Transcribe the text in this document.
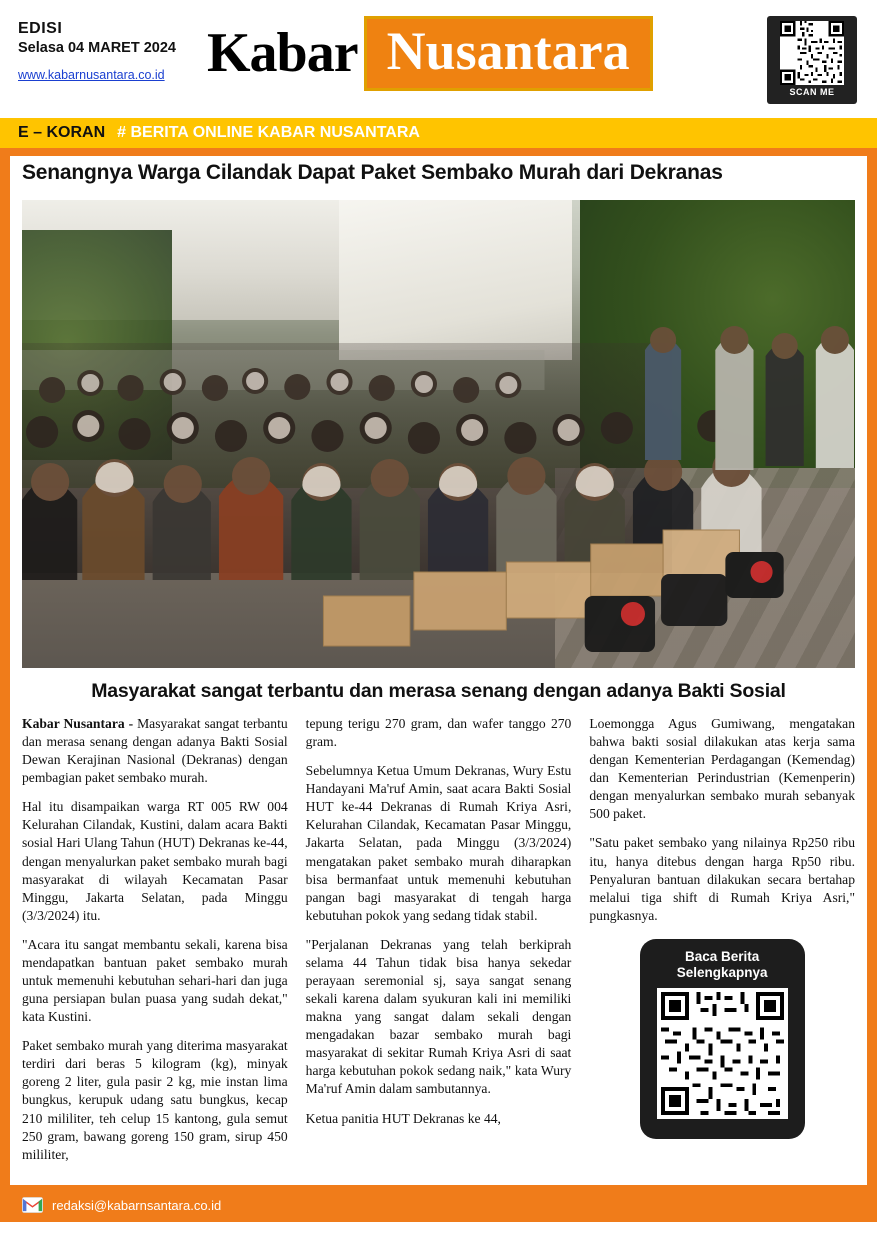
EDISI
Selasa 04 MARET 2024
www.kabarnusantara.co.id Kabar Nusantara
SCAN ME
E – KORAN # BERITA ONLINE KABAR NUSANTARA
Senangnya Warga Cilandak Dapat Paket Sembako Murah dari Dekranas
Masyarakat sangat terbantu dan merasa senang dengan adanya Bakti Sosial

Kabar Nusantara - Masyarakat sangat terbantu dan merasa senang dengan adanya Bakti Sosial Dewan Kerajinan Nasional (Dekranas) dengan pembagian paket sembako murah.

Hal itu disampaikan warga RT 005 RW 004 Kelurahan Cilandak, Kustini, dalam acara Bakti sosial Hari Ulang Tahun (HUT) Dekranas ke-44, dengan menyalurkan paket sembako murah bagi masyarakat di wilayah Kecamatan Pasar Minggu, Jakarta Selatan, pada Minggu (3/3/2024) itu.

"Acara itu sangat membantu sekali, karena bisa mendapatkan bantuan paket sembako murah untuk memenuhi kebutuhan sehari-hari dan juga guna persiapan bulan puasa yang sudah dekat," kata Kustini.

Paket sembako murah yang diterima masyarakat terdiri dari beras 5 kilogram (kg), minyak goreng 2 liter, gula pasir 2 kg, mie instan lima bungkus, kerupuk udang satu bungkus, kecap 210 mililiter, teh celup 15 kantong, gula semut 250 gram, bawang goreng 150 gram, sirup 450 mililiter,

tepung terigu 270 gram, dan wafer tanggo 270 gram.

Sebelumnya Ketua Umum Dekranas, Wury Estu Handayani Ma'ruf Amin, saat acara Bakti Sosial HUT ke-44 Dekranas di Rumah Kriya Asri, Kelurahan Cilandak, Kecamatan Pasar Minggu, Jakarta Selatan, pada Minggu (3/3/2024) mengatakan paket sembako murah diharapkan bisa bermanfaat untuk memenuhi kebutuhan pangan bagi masyarakat di tengah harga kebutuhan pokok yang sedang tidak stabil.

"Perjalanan Dekranas yang telah berkiprah selama 44 Tahun tidak bisa hanya sekedar perayaan seremonial sj, saya sangat senang sekali karena dalam syukuran kali ini memiliki makna yang sangat dalam sekali dengan mengadakan bazar sembako murah bagi masyarakat di sekitar Rumah Kriya Asri di saat harga kebutuhan pokok sedang naik," kata Wury Ma'ruf Amin dalam sambutannya.

Ketua panitia HUT Dekranas ke 44,

Loemongga Agus Gumiwang, mengatakan bahwa bakti sosial dilakukan atas kerja sama dengan Kementerian Perdagangan (Kemendag) dan Kementerian Perindustrian (Kemenperin) dengan menyalurkan sembako murah sebanyak 500 paket.

"Satu paket sembako yang nilainya Rp250 ribu itu, hanya ditebus dengan harga Rp50 ribu. Penyaluran bantuan dilakukan secara bertahap melalui tiga shift di Rumah Kriya Asri," pungkasnya.

Baca Berita
Selengkapnya
redaksi@kabarnsantara.co.id
